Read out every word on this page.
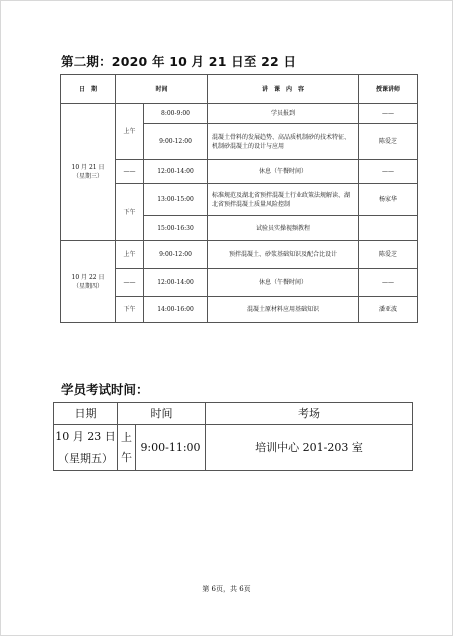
第二期：2020 年 10 月 21 日至 22 日
日　期	时间		讲　课　内　容	授课讲师

10 月 21 日
（星期三）	上午	8:00-9:00	学员报到	——
		9:00-12:00	混凝土骨料的发展趋势、高品质机制砂的技术特征、机制砂混凝土的设计与应用	陈爱芝
	——	12:00-14:00	休息（午餐时间）	——
	下午	13:00-15:00	标准规范及湖北省预拌混凝土行业政策法规解读、湖北省预拌混凝土质量风险控制	杨家华
		15:00-16:30	试验员实操视频教程	

10 月 22 日
（星期四）	上午	9:00-12:00	预拌混凝土、砂浆基础知识及配合比设计	陈爱芝
	——	12:00-14:00	休息（午餐时间）	——
	下午	14:00-16:00	混凝土原材料应用基础知识	潘亚波
学员考试时间：
日期	时间		考场

10 月 23 日
（星期五）	上午	9:00-11:00	培训中心 201-203 室
第 6页，共 6页
